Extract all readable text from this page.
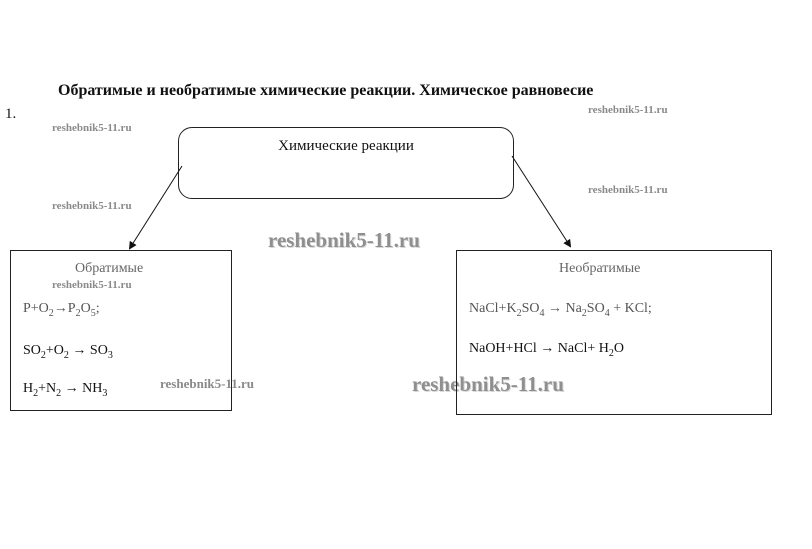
Обратимые и необратимые химические реакции. Химическое равновесие
1.
reshebnik5-11.ru
reshebnik5-11.ru
reshebnik5-11.ru
reshebnik5-11.ru
reshebnik5-11.ru
reshebnik5-11.ru
reshebnik5-11.ru
reshebnik5-11.ru
Химические реакции
Обратимые
$P+O_2\to P_2O_5$;
$SO_2+O_2 \to SO_3$
$H_2+N_2 \to NH_3$
Необратимые
$NaCl+K_2SO_4 \to Na_2SO_4$ + KCl;
NaOH+HCl → NaCl+ $H_2O$
